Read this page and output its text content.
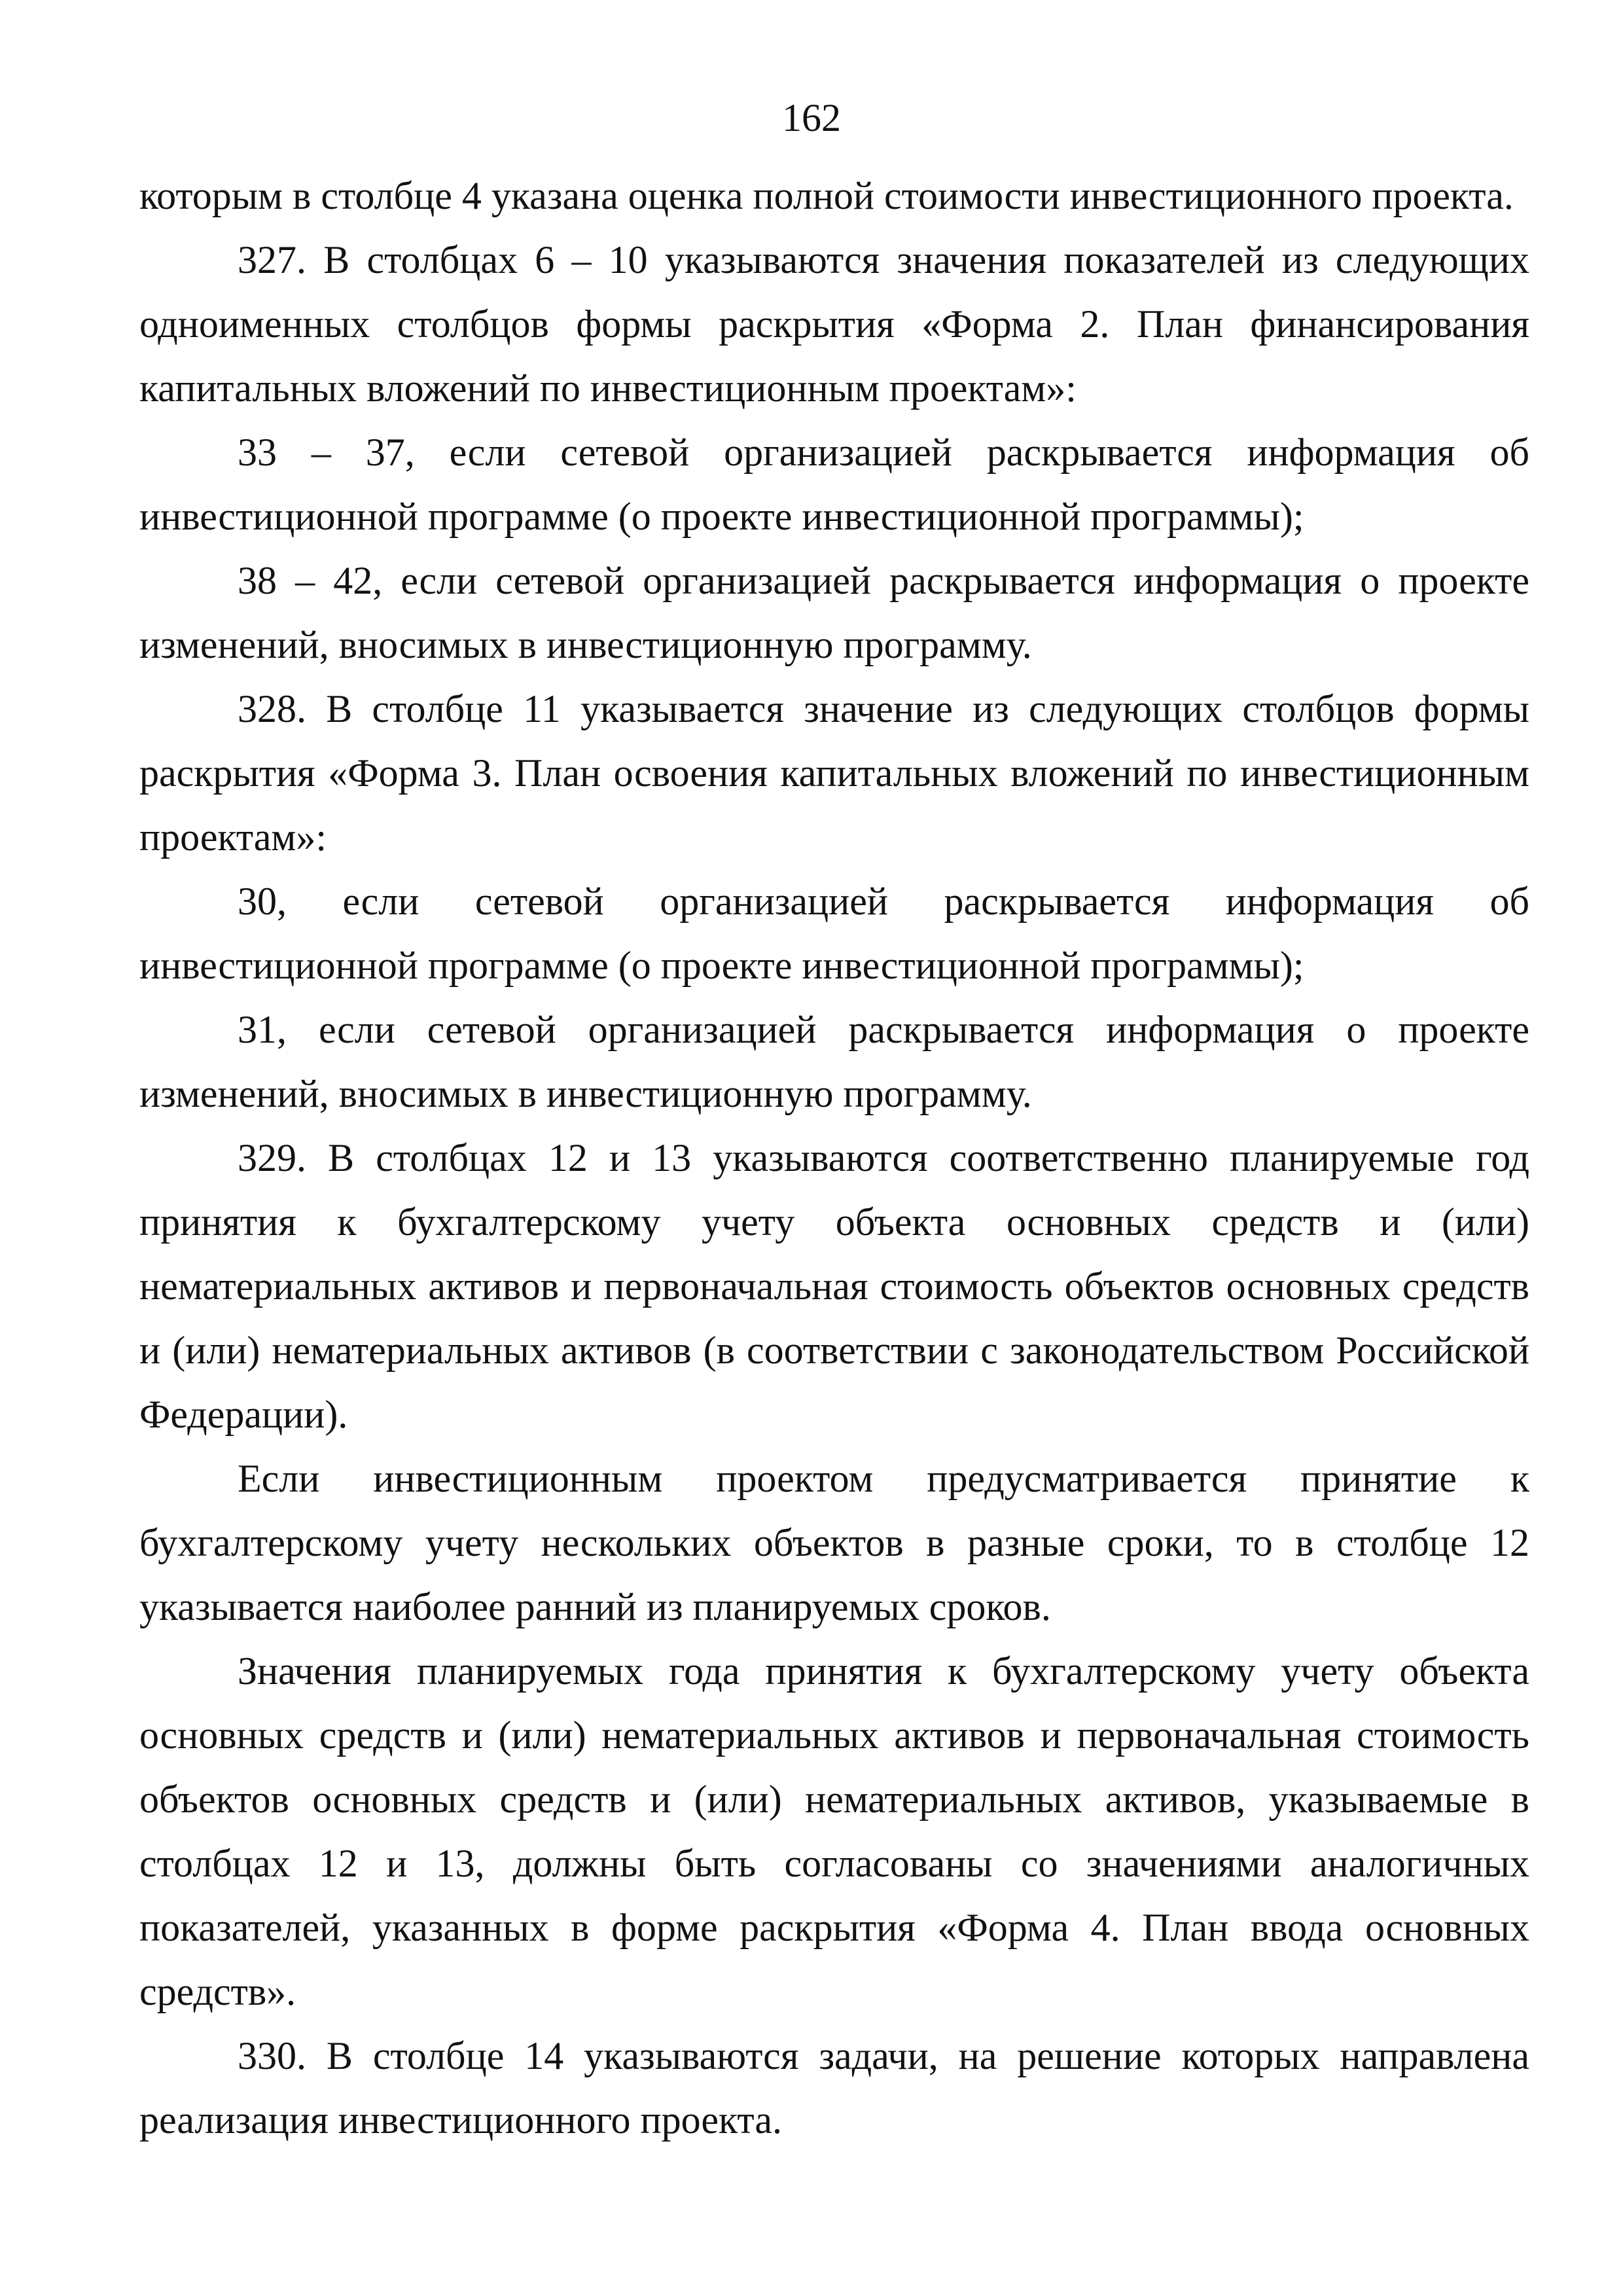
162

которым в столбце 4 указана оценка полной стоимости инвестиционного проекта.

327. В столбцах 6 – 10 указываются значения показателей из следующих одноименных столбцов формы раскрытия «Форма 2. План финансирования капитальных вложений по инвестиционным проектам»:

33 – 37, если сетевой организацией раскрывается информация об инвестиционной программе (о проекте инвестиционной программы);

38 – 42, если сетевой организацией раскрывается информация о проекте изменений, вносимых в инвестиционную программу.

328. В столбце 11 указывается значение из следующих столбцов формы раскрытия «Форма 3. План освоения капитальных вложений по инвестиционным проектам»:

30, если сетевой организацией раскрывается информация об инвестиционной программе (о проекте инвестиционной программы);

31, если сетевой организацией раскрывается информация о проекте изменений, вносимых в инвестиционную программу.

329. В столбцах 12 и 13 указываются соответственно планируемые год принятия к бухгалтерскому учету объекта основных средств и (или) нематериальных активов и первоначальная стоимость объектов основных средств и (или) нематериальных активов (в соответствии с законодательством Российской Федерации).

Если инвестиционным проектом предусматривается принятие к бухгалтерскому учету нескольких объектов в разные сроки, то в столбце 12 указывается наиболее ранний из планируемых сроков.

Значения планируемых года принятия к бухгалтерскому учету объекта основных средств и (или) нематериальных активов и первоначальная стоимость объектов основных средств и (или) нематериальных активов, указываемые в столбцах 12 и 13, должны быть согласованы со значениями аналогичных показателей, указанных в форме раскрытия «Форма 4. План ввода основных средств».

330. В столбце 14 указываются задачи, на решение которых направлена реализация инвестиционного проекта.
